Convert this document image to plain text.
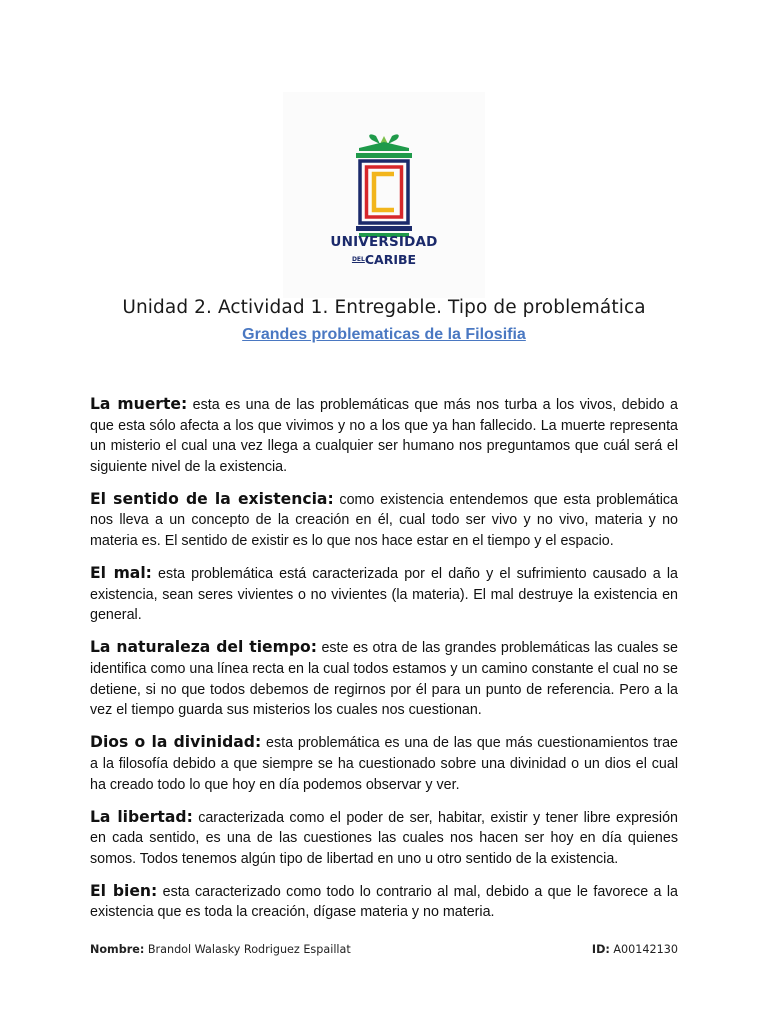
UNIVERSIDAD
DELCARIBE
Unidad 2. Actividad 1. Entregable. Tipo de problemática
Grandes problematicas de la Filosifia

La muerte: esta es una de las problemáticas que más nos turba a los vivos, debido a que esta sólo afecta a los que vivimos y no a los que ya han fallecido. La muerte representa un misterio el cual una vez llega a cualquier ser humano nos preguntamos que cuál será el siguiente nivel de la existencia.

El sentido de la existencia: como existencia entendemos que esta problemática nos lleva a un concepto de la creación en él, cual todo ser vivo y no vivo, materia y no materia es. El sentido de existir es lo que nos hace estar en el tiempo y el espacio.

El mal: esta problemática está caracterizada por el daño y el sufrimiento causado a la existencia, sean seres vivientes o no vivientes (la materia). El mal destruye la existencia en general.

La naturaleza del tiempo: este es otra de las grandes problemáticas las cuales se identifica como una línea recta en la cual todos estamos y un camino constante el cual no se detiene, si no que todos debemos de regirnos por él para un punto de referencia. Pero a la vez el tiempo guarda sus misterios los cuales nos cuestionan.

Dios o la divinidad: esta problemática es una de las que más cuestionamientos trae a la filosofía debido a que siempre se ha cuestionado sobre una divinidad o un dios el cual ha creado todo lo que hoy en día podemos observar y ver.

La libertad: caracterizada como el poder de ser, habitar, existir y tener libre expresión en cada sentido, es una de las cuestiones las cuales nos hacen ser hoy en día quienes somos. Todos tenemos algún tipo de libertad en uno u otro sentido de la existencia.

El bien: esta caracterizado como todo lo contrario al mal, debido a que le favorece a la existencia que es toda la creación, dígase materia y no materia.

Nombre: Brandol Walasky Rodriguez Espaillat	ID: A00142130
